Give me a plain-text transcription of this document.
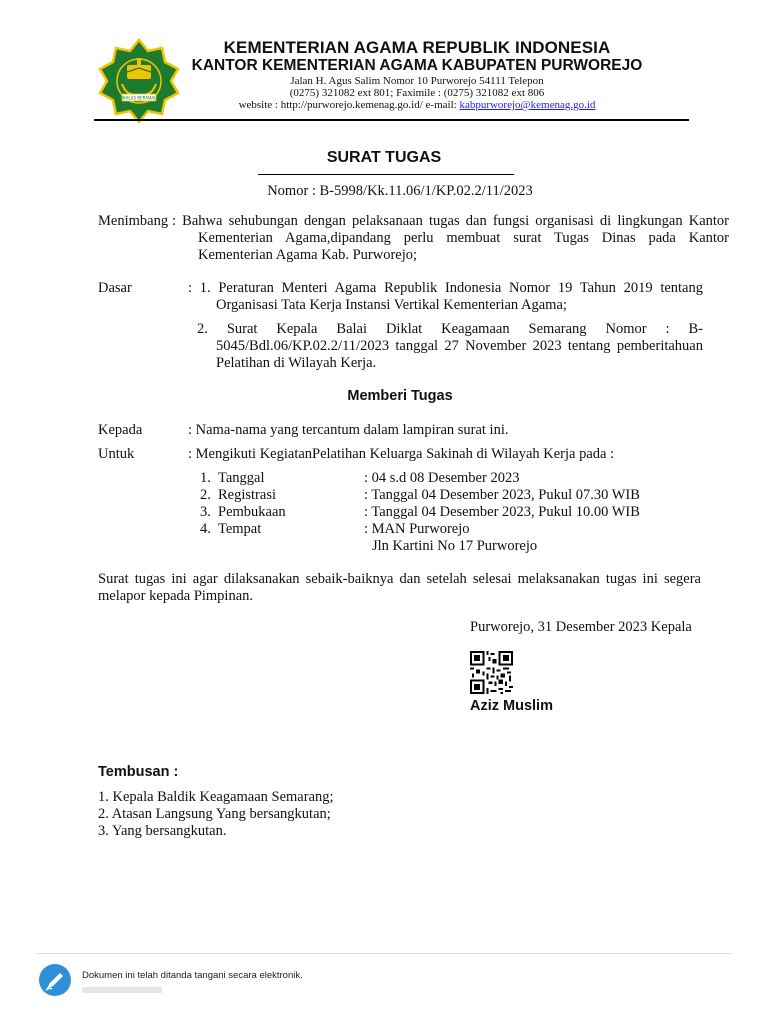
IKHLAS BERAMAL
KEMENTERIAN AGAMA REPUBLIK INDONESIA
KANTOR KEMENTERIAN AGAMA KABUPATEN PURWOREJO
Jalan H. Agus Salim Nomor 10 Purworejo 54111 Telepon
(0275) 321082 ext 801; Faximile : (0275) 321082 ext 806
website : http://purworejo.kemenag.go.id/ e-mail: kabpurworejo@kemenag.go.id
SURAT TUGAS
Nomor : B-5998/Kk.11.06/1/KP.02.2/11/2023
Menimbang : Bahwa sehubungan dengan pelaksanaan tugas dan fungsi organisasi di lingkungan Kantor Kementerian Agama,dipandang perlu membuat surat Tugas Dinas pada Kantor Kementerian Agama Kab. Purworejo;
Dasar	: 1. Peraturan Menteri Agama Republik Indonesia Nomor 19 Tahun 2019 tentang Organisasi Tata Kerja Instansi Vertikal Kementerian Agama;
2. Surat Kepala Balai Diklat Keagamaan Semarang Nomor : B-5045/Bdl.06/KP.02.2/11/2023 tanggal 27 November 2023 tentang pemberitahuan Pelatihan di Wilayah Kerja.
Memberi Tugas
Kepada	: Nama-nama yang tercantum dalam lampiran surat ini.
Untuk	: Mengikuti KegiatanPelatihan Keluarga Sakinah di Wilayah Kerja pada :
1. Tanggal	: 04 s.d 08 Desember 2023
2. Registrasi	: Tanggal 04 Desember 2023, Pukul 07.30 WIB
3. Pembukaan	: Tanggal 04 Desember 2023, Pukul 10.00 WIB
4. Tempat	: MAN Purworejo
Jln Kartini No 17 Purworejo
Surat tugas ini agar dilaksanakan sebaik-baiknya dan setelah selesai melaksanakan tugas ini segera melapor kepada Pimpinan.
Purworejo, 31 Desember 2023 Kepala
Aziz Muslim
Tembusan :
1. Kepala Baldik Keagamaan Semarang;
2. Atasan Langsung Yang bersangkutan;
3. Yang bersangkutan.
Dokumen ini telah ditanda tangani secara elektronik.
